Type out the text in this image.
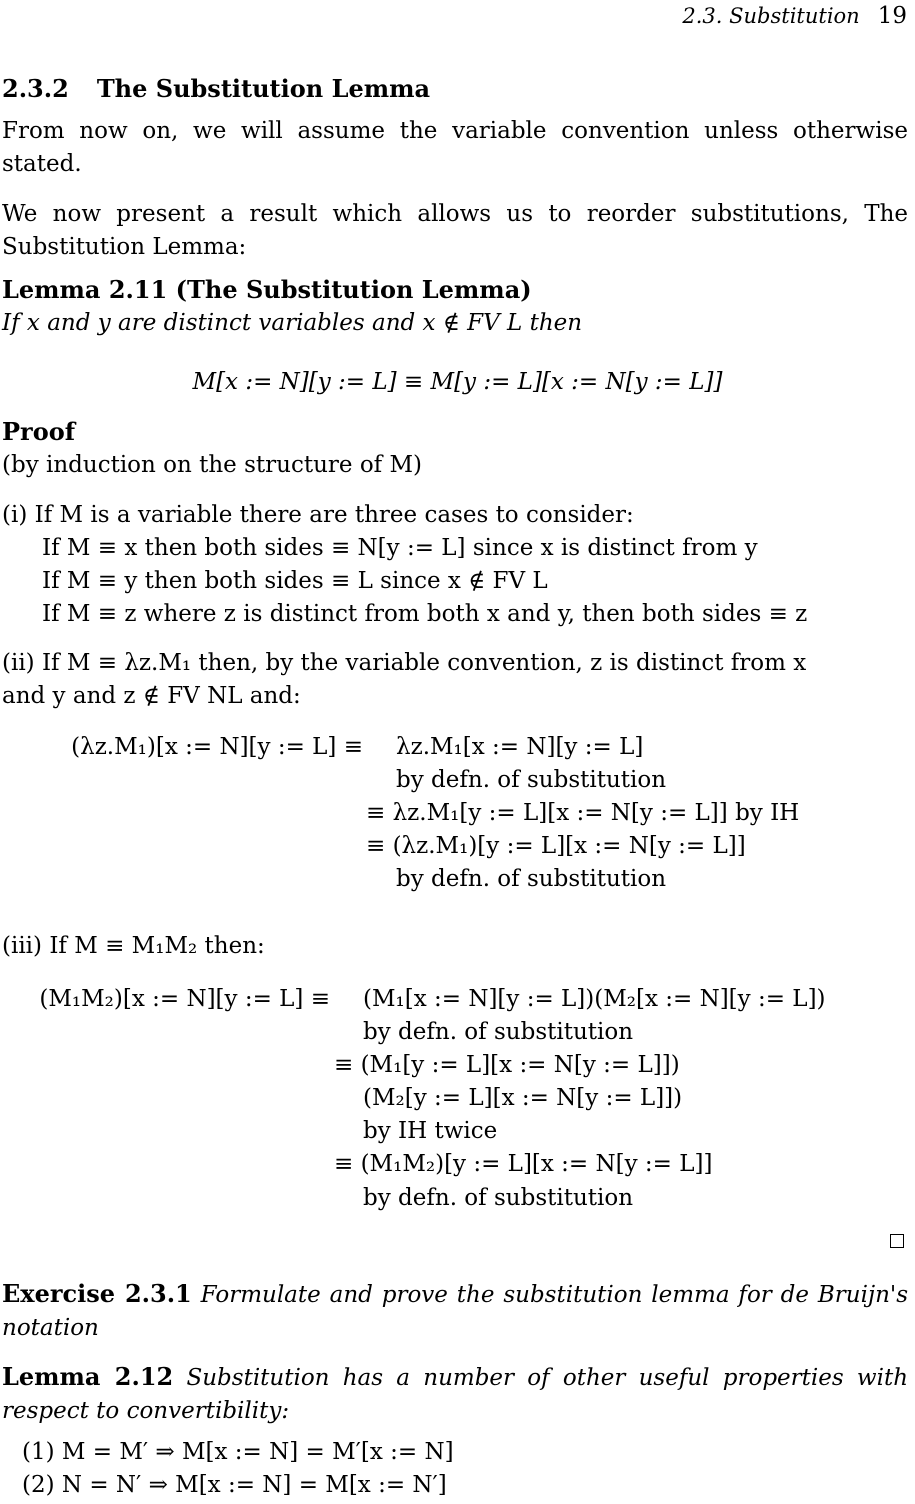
2.3. Substitution 19
2.3.2 The Substitution Lemma
From now on, we will assume the variable convention unless otherwise stated.
We now present a result which allows us to reorder substitutions, The Substitution Lemma:
Lemma 2.11 (The Substitution Lemma)
If x and y are distinct variables and x ∉ FV L then
M[x := N][y := L] ≡ M[y := L][x := N[y := L]]
Proof
(by induction on the structure of M)
(i) If M is a variable there are three cases to consider:
If M ≡ x then both sides ≡ N[y := L] since x is distinct from y
If M ≡ y then both sides ≡ L since x ∉ FV L
If M ≡ z where z is distinct from both x and y, then both sides ≡ z
(ii) If M ≡ λz.M₁ then, by the variable convention, z is distinct from x
and y and z ∉ FV NL and:
(λz.M₁)[x := N][y := L] ≡ λz.M₁[x := N][y := L]
by defn. of substitution
≡ λz.M₁[y := L][x := N[y := L]] by IH
≡ (λz.M₁)[y := L][x := N[y := L]]
by defn. of substitution
(iii) If M ≡ M₁M₂ then:
(M₁M₂)[x := N][y := L] ≡ (M₁[x := N][y := L])(M₂[x := N][y := L])
by defn. of substitution
≡ (M₁[y := L][x := N[y := L]])
(M₂[y := L][x := N[y := L]])
by IH twice
≡ (M₁M₂)[y := L][x := N[y := L]]
by defn. of substitution
Exercise 2.3.1 Formulate and prove the substitution lemma for de Bruijn's notation
Lemma 2.12 Substitution has a number of other useful properties with respect to convertibility:
(1) M = M′ ⇒ M[x := N] = M′[x := N]
(2) N = N′ ⇒ M[x := N] = M[x := N′]
